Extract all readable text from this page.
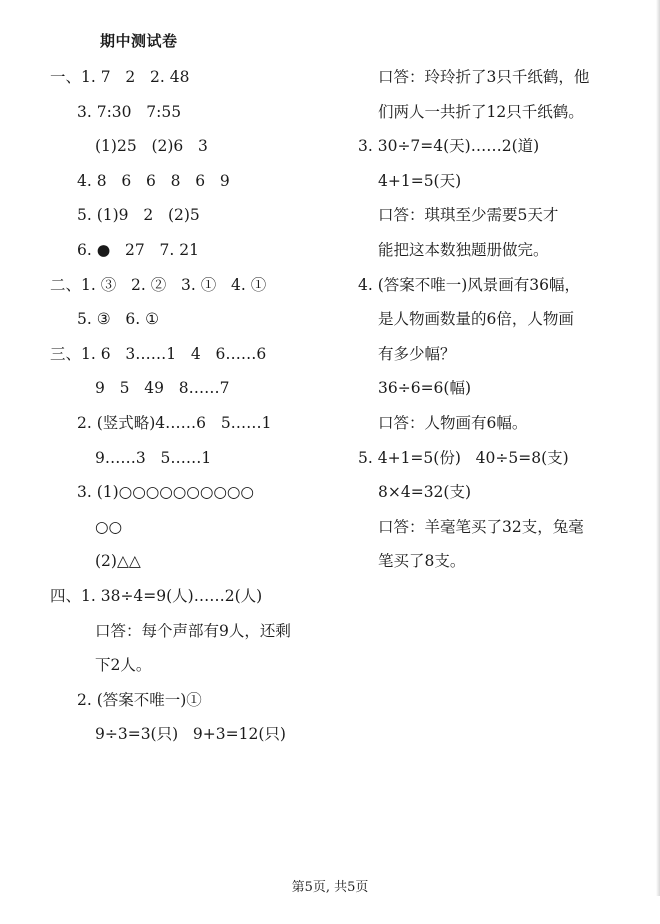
期中测试卷
一、1. 7   2   2. 48
3. 7:30   7:55
(1)25   (2)6   3
4. 8   6   6   8   6   9
5. (1)9   2   (2)5
6. ●   27   7. 21
二、1. ③   2. ②   3. ①   4. ①
5. ③   6. ①
三、1. 6   3……1   4   6……6
9   5   49   8……7
2. (竖式略)4……6   5……1
9……3   5……1
3. (1)○○○○○○○○○○
○○
(2)△△
四、1. 38÷4=9(人)……2(人)
口答：每个声部有9人，还剩
下2人。
2. (答案不唯一)①
9÷3=3(只)   9+3=12(只)
口答：玲玲折了3只千纸鹤，他
们两人一共折了12只千纸鹤。
3. 30÷7=4(天)……2(道)
4+1=5(天)
口答：琪琪至少需要5天才
能把这本数独题册做完。
4. (答案不唯一)风景画有36幅，
是人物画数量的6倍，人物画
有多少幅？
36÷6=6(幅)
口答：人物画有6幅。
5. 4+1=5(份)   40÷5=8(支)
8×4=32(支)
口答：羊毫笔买了32支，兔毫
笔买了8支。
第5页, 共5页
